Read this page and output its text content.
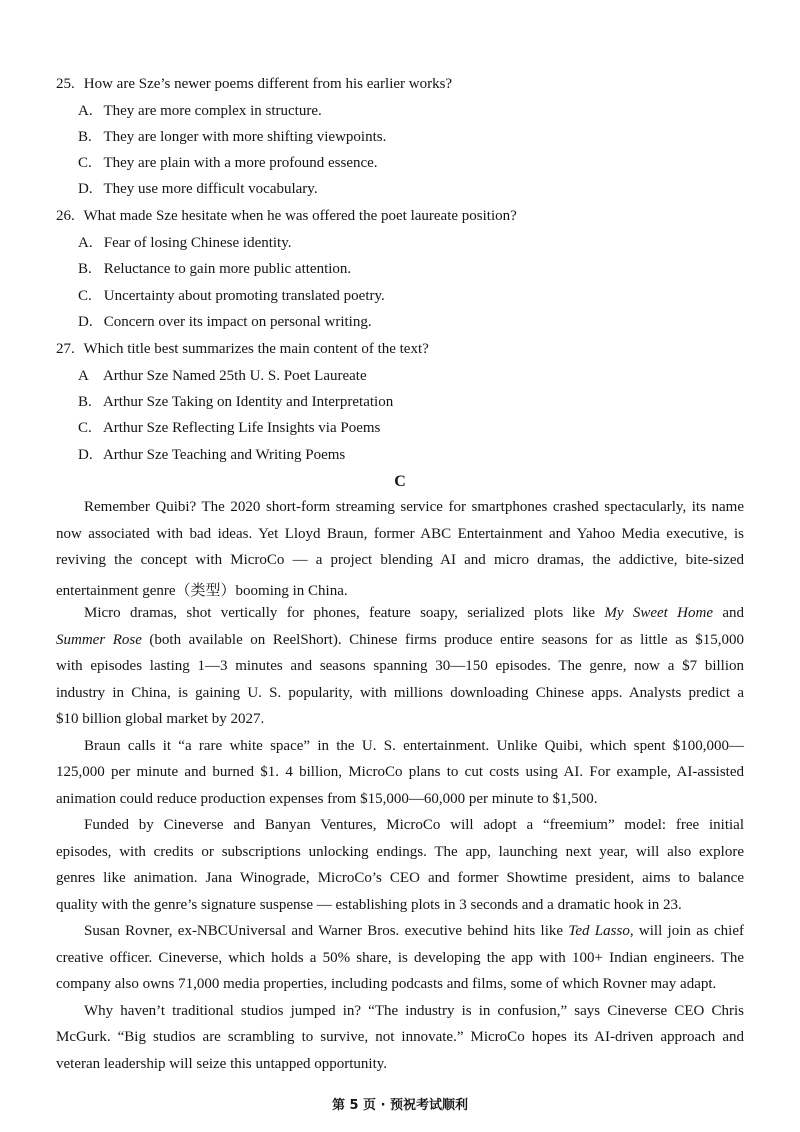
25. How are Sze’s newer poems different from his earlier works?
A. They are more complex in structure.
B. They are longer with more shifting viewpoints.
C. They are plain with a more profound essence.
D. They use more difficult vocabulary.
26. What made Sze hesitate when he was offered the poet laureate position?
A. Fear of losing Chinese identity.
B. Reluctance to gain more public attention.
C. Uncertainty about promoting translated poetry.
D. Concern over its impact on personal writing.
27. Which title best summarizes the main content of the text?
A Arthur Sze Named 25th U. S. Poet Laureate
B. Arthur Sze Taking on Identity and Interpretation
C. Arthur Sze Reflecting Life Insights via Poems
D. Arthur Sze Teaching and Writing Poems
C
Remember Quibi? The 2020 short-form streaming service for smartphones crashed spectacularly, its name
now associated with bad ideas. Yet Lloyd Braun, former ABC Entertainment and Yahoo Media executive, is
reviving the concept with MicroCo — a project blending AI and micro dramas, the addictive, bite-sized
entertainment genre（类型）booming in China.
Micro dramas, shot vertically for phones, feature soapy, serialized plots like My Sweet Home and
Summer Rose (both available on ReelShort). Chinese firms produce entire seasons for as little as $15,000
with episodes lasting 1—3 minutes and seasons spanning 30—150 episodes. The genre, now a $7 billion
industry in China, is gaining U. S. popularity, with millions downloading Chinese apps. Analysts predict a
$10 billion global market by 2027.
Braun calls it “a rare white space” in the U. S. entertainment. Unlike Quibi, which spent $100,000—
125,000 per minute and burned $1. 4 billion, MicroCo plans to cut costs using AI. For example, AI-assisted
animation could reduce production expenses from $15,000—60,000 per minute to $1,500.
Funded by Cineverse and Banyan Ventures, MicroCo will adopt a “freemium” model: free initial
episodes, with credits or subscriptions unlocking endings. The app, launching next year, will also explore
genres like animation. Jana Winograde, MicroCo’s CEO and former Showtime president, aims to balance
quality with the genre’s signature suspense — establishing plots in 3 seconds and a dramatic hook in 23.
Susan Rovner, ex-NBCUniversal and Warner Bros. executive behind hits like Ted Lasso, will join as chief
creative officer. Cineverse, which holds a 50% share, is developing the app with 100+ Indian engineers. The
company also owns 71,000 media properties, including podcasts and films, some of which Rovner may adapt.
Why haven’t traditional studios jumped in? “The industry is in confusion,” says Cineverse CEO Chris
McGurk. “Big studios are scrambling to survive, not innovate.” MicroCo hopes its AI-driven approach and
veteran leadership will seize this untapped opportunity.
第 5 页 · 预祝考试顺利
